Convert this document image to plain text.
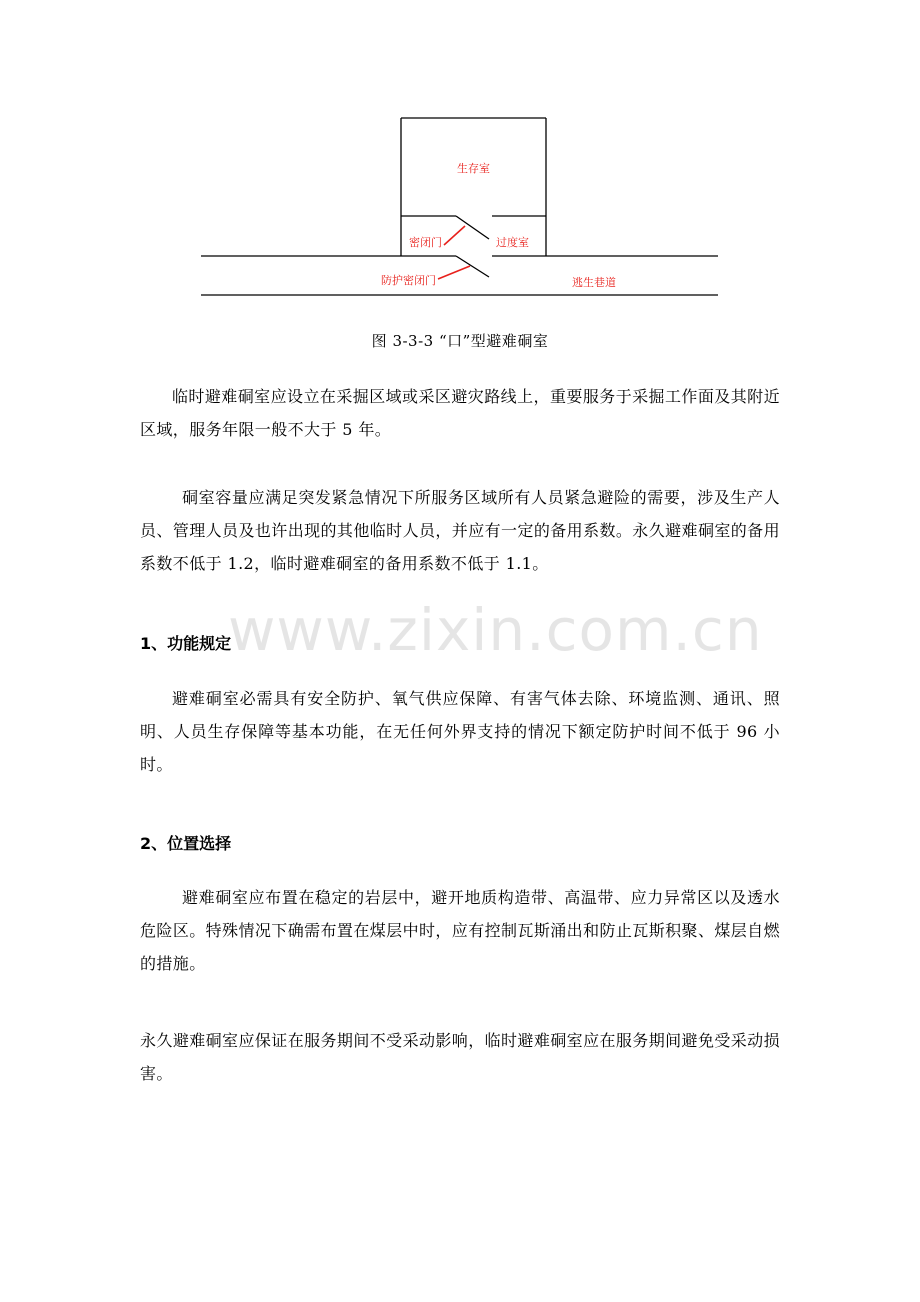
生存室
密闭门	过度室
防护密闭门	逃生巷道
图 3-3-3 “口”型避难硐室

临时避难硐室应设立在采掘区域或采区避灾路线上，重要服务于采掘工作面及其附近区域，服务年限一般不大于 5 年。

硐室容量应满足突发紧急情况下所服务区域所有人员紧急避险的需要，涉及生产人员、管理人员及也许出现的其他临时人员，并应有一定的备用系数。永久避难硐室的备用系数不低于 1.2，临时避难硐室的备用系数不低于 1.1。

www.zixin.com.cn

1、功能规定

避难硐室必需具有安全防护、氧气供应保障、有害气体去除、环境监测、通讯、照明、人员生存保障等基本功能，在无任何外界支持的情况下额定防护时间不低于 96 小时。

2、位置选择

避难硐室应布置在稳定的岩层中，避开地质构造带、高温带、应力异常区以及透水危险区。特殊情况下确需布置在煤层中时，应有控制瓦斯涌出和防止瓦斯积聚、煤层自燃的措施。

永久避难硐室应保证在服务期间不受采动影响，临时避难硐室应在服务期间避免受采动损害。
